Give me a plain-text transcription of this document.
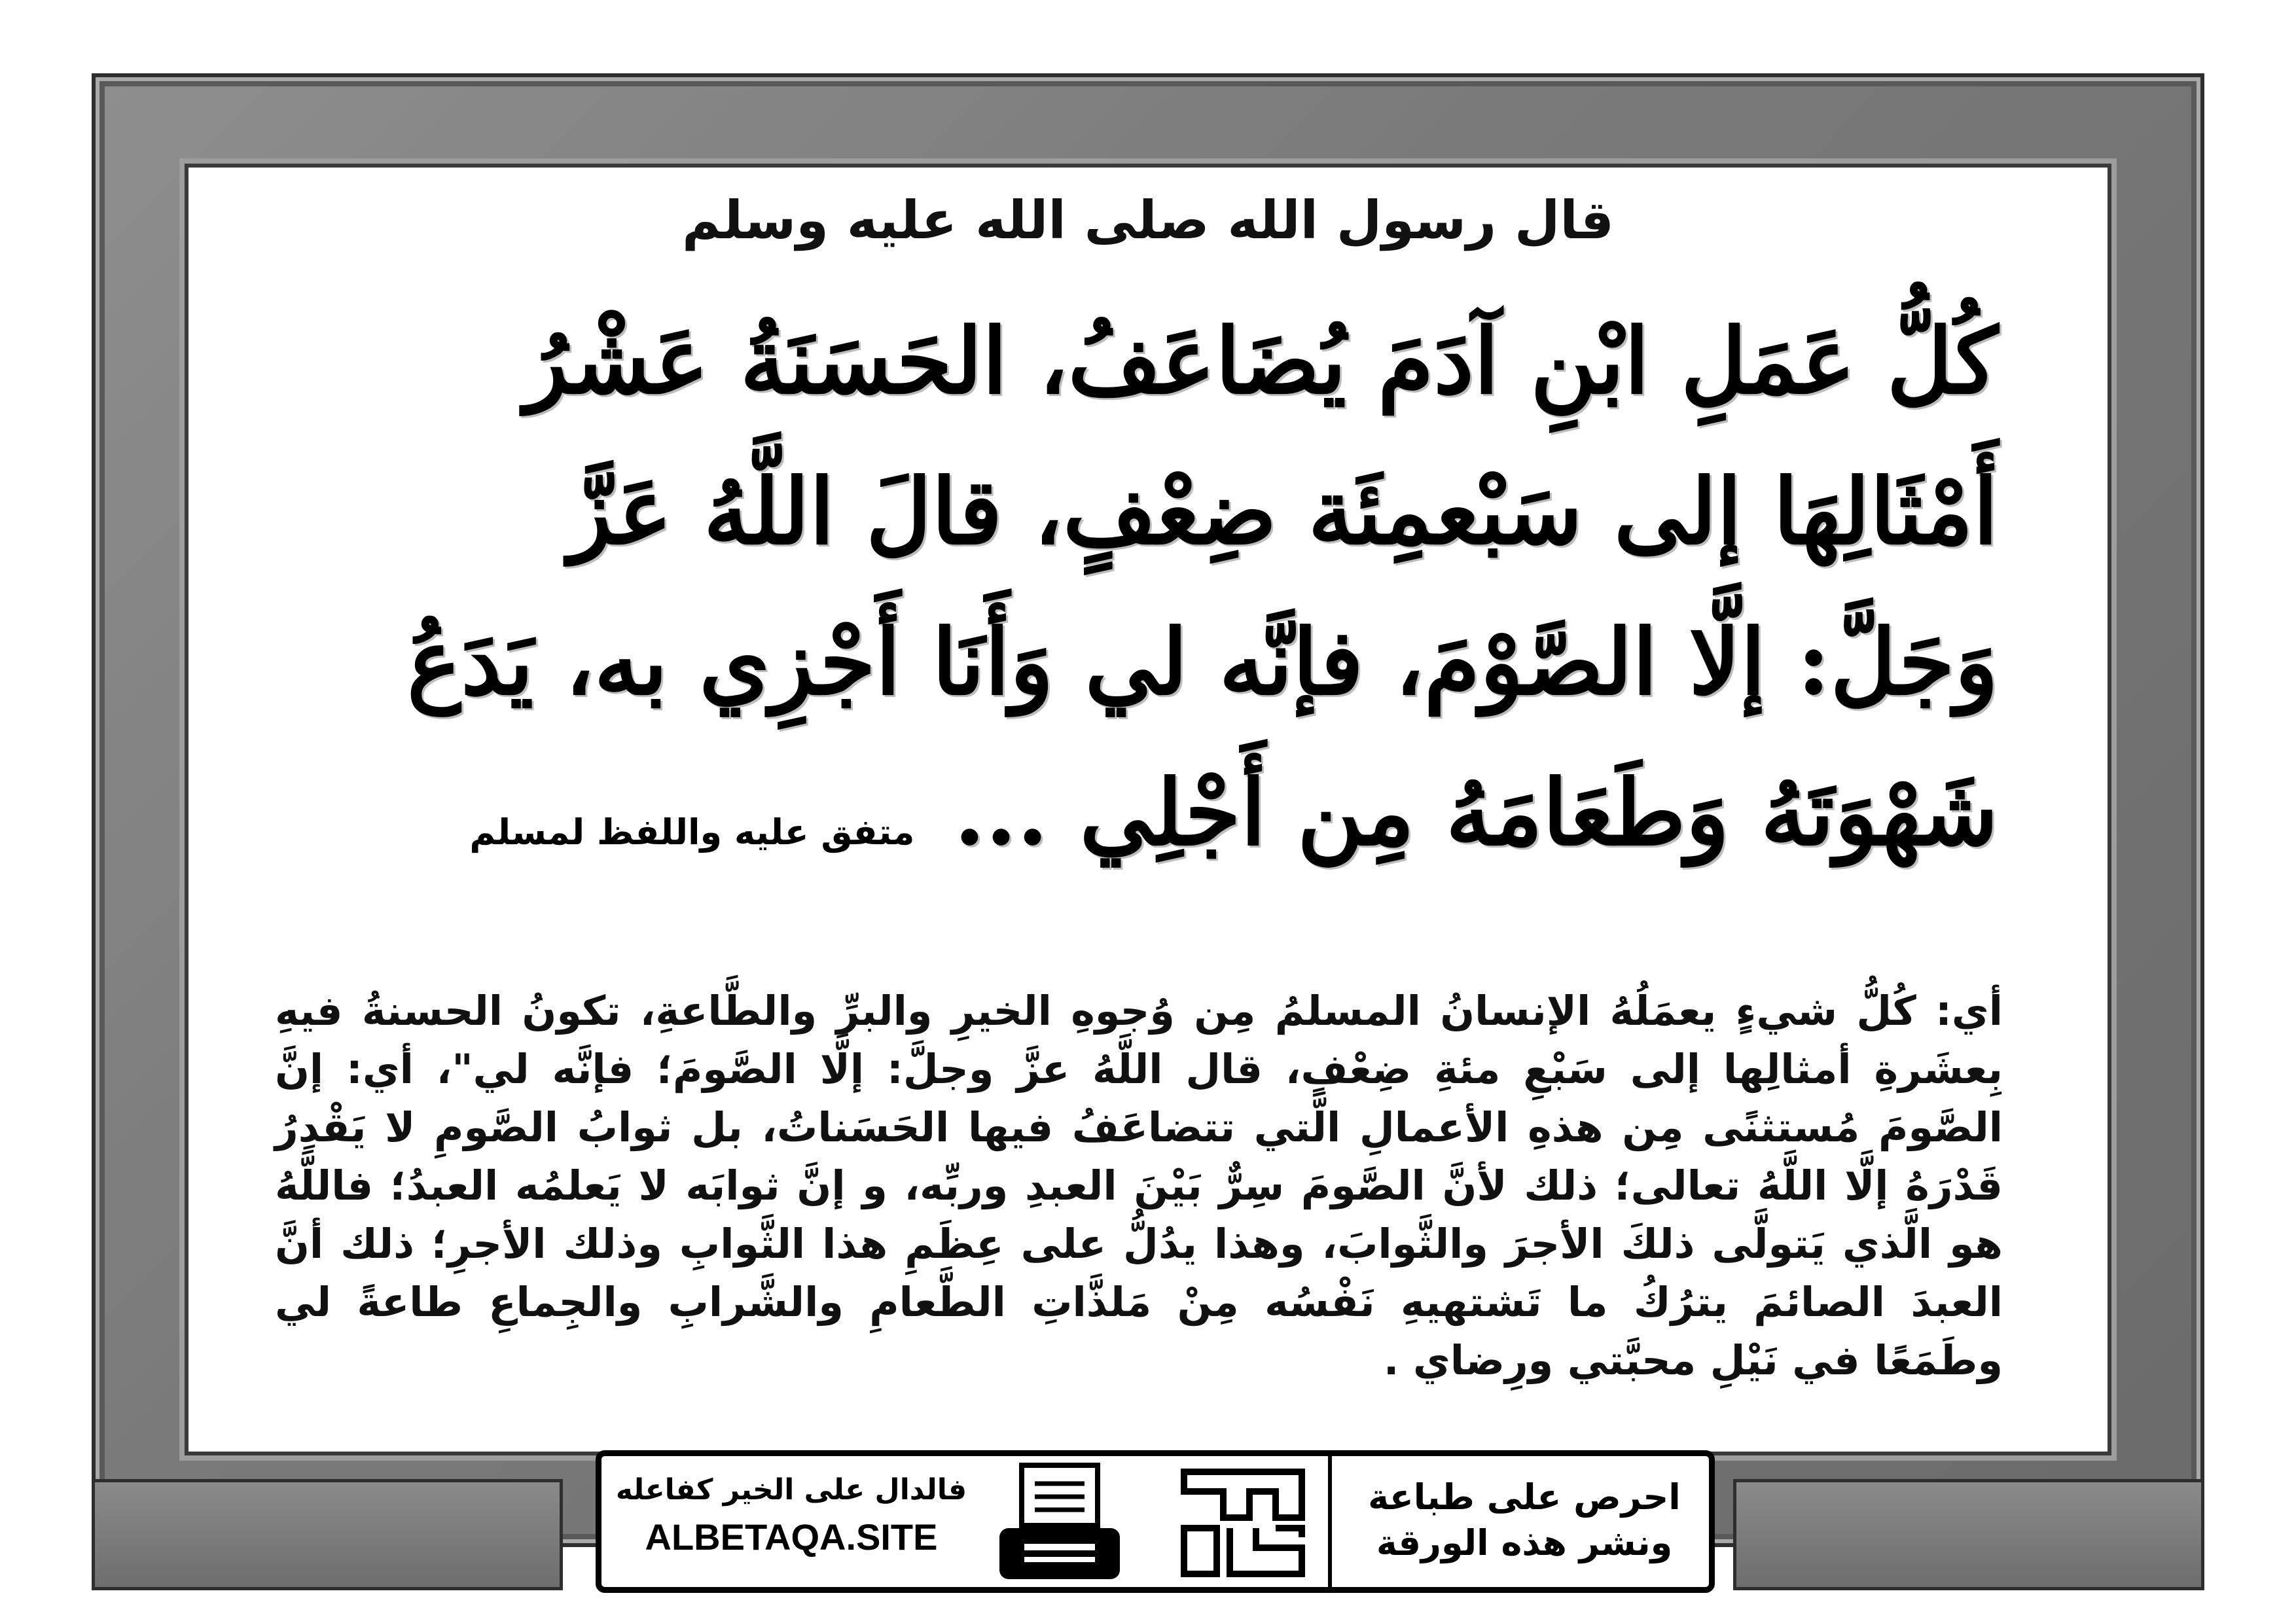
قال رسول الله صلى الله عليه وسلم
كُلُّ عَمَلِ ابْنِ آدَمَ يُضَاعَفُ، الحَسَنَةُ عَشْرُ
أَمْثَالِهَا إلى سَبْعمِئَة ضِعْفٍ، قالَ اللَّهُ عَزَّ
وَجَلَّ: إلَّا الصَّوْمَ، فإنَّه لي وَأَنَا أَجْزِي به، يَدَعُ
شَهْوَتَهُ وَطَعَامَهُ مِن أَجْلِي ...متفق عليه واللفظ لمسلم
أي: كُلُّ شيءٍ يعمَلُهُ الإنسانُ المسلمُ مِن وُجوهِ الخيرِ والبرِّ والطَّاعةِ، تكونُ الحسنةُ فيهِ بِعشَرةِ أمثالِها إلى سَبْعِ مئةِ ضِعْفٍ، قال اللَّهُ عزَّ وجلَّ: إلَّا الصَّومَ؛ فإنَّه لي"، أي: إنَّ الصَّومَ مُستثنًى مِن هذهِ الأعمالِ الَّتي تتضاعَفُ فيها الحَسَناتُ، بل ثوابُ الصَّومِ لا يَقْدِرُ قَدْرَهُ إلَّا اللَّهُ تعالى؛ ذلك لأنَّ الصَّومَ سِرٌّ بَيْنَ العبدِ وربِّه، و إنَّ ثوابَه لا يَعلمُه العبدُ؛ فاللَّهُ هو الَّذي يَتولَّى ذلكَ الأجرَ والثَّوابَ، وهذا يدُلُّ على عِظَمِ هذا الثَّوابِ وذلك الأجرِ؛ ذلك أنَّ العبدَ الصائمَ يترُكُ ما تَشتهيهِ نَفْسُه مِنْ مَلذَّاتِ الطَّعامِ والشَّرابِ والجِماعِ طاعةً لي وطَمَعًا في نَيْلِ محبَّتي ورِضاي .
فالدال على الخير كفاعله
ALBETAQA.SITE
احرص على طباعة
ونشر هذه الورقة
